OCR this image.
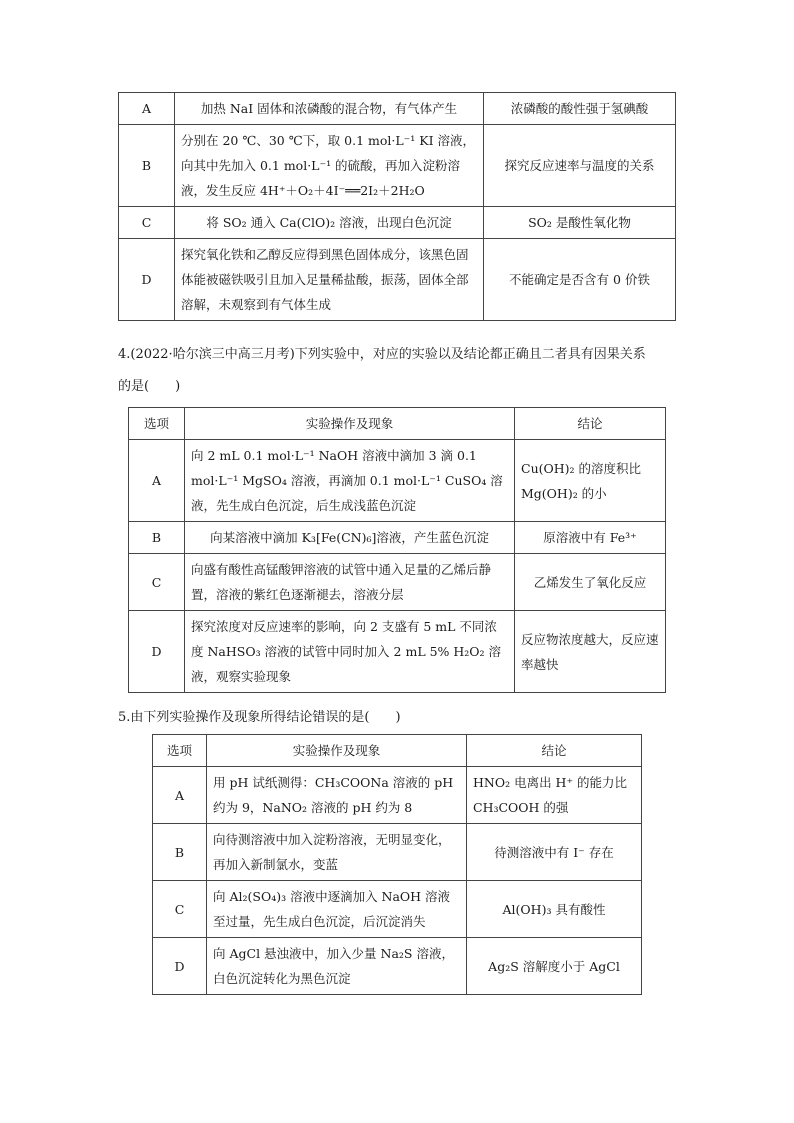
A	加热 NaI 固体和浓磷酸的混合物，有气体产生	浓磷酸的酸性强于氢碘酸
B	分别在 20 ℃、30 ℃下，取 0.1 mol·L⁻¹ KI 溶液，向其中先加入 0.1 mol·L⁻¹ 的硫酸，再加入淀粉溶液，发生反应 4H⁺＋O₂＋4I⁻══2I₂＋2H₂O	探究反应速率与温度的关系
C	将 SO₂ 通入 Ca(ClO)₂ 溶液，出现白色沉淀	SO₂ 是酸性氧化物
D	探究氧化铁和乙醇反应得到黑色固体成分，该黑色固体能被磁铁吸引且加入足量稀盐酸，振荡，固体全部溶解，未观察到有气体生成	不能确定是否含有 0 价铁
4.(2022·哈尔滨三中高三月考)下列实验中，对应的实验以及结论都正确且二者具有因果关系
的是(　　)
选项	实验操作及现象	结论
A	向 2 mL 0.1 mol·L⁻¹ NaOH 溶液中滴加 3 滴 0.1 mol·L⁻¹ MgSO₄ 溶液，再滴加 0.1 mol·L⁻¹ CuSO₄ 溶液，先生成白色沉淀，后生成浅蓝色沉淀	Cu(OH)₂ 的溶度积比 Mg(OH)₂ 的小
B	向某溶液中滴加 K₃[Fe(CN)₆]溶液，产生蓝色沉淀	原溶液中有 Fe³⁺
C	向盛有酸性高锰酸钾溶液的试管中通入足量的乙烯后静置，溶液的紫红色逐渐褪去，溶液分层	乙烯发生了氧化反应
D	探究浓度对反应速率的影响，向 2 支盛有 5 mL 不同浓度 NaHSO₃ 溶液的试管中同时加入 2 mL 5% H₂O₂ 溶液，观察实验现象	反应物浓度越大，反应速率越快
5.由下列实验操作及现象所得结论错误的是(　　)
选项	实验操作及现象	结论
A	用 pH 试纸测得：CH₃COONa 溶液的 pH 约为 9，NaNO₂ 溶液的 pH 约为 8	HNO₂ 电离出 H⁺ 的能力比 CH₃COOH 的强
B	向待测溶液中加入淀粉溶液，无明显变化，再加入新制氯水，变蓝	待测溶液中有 I⁻ 存在
C	向 Al₂(SO₄)₃ 溶液中逐滴加入 NaOH 溶液至过量，先生成白色沉淀，后沉淀消失	Al(OH)₃ 具有酸性
D	向 AgCl 悬浊液中，加入少量 Na₂S 溶液，白色沉淀转化为黑色沉淀	Ag₂S 溶解度小于 AgCl
